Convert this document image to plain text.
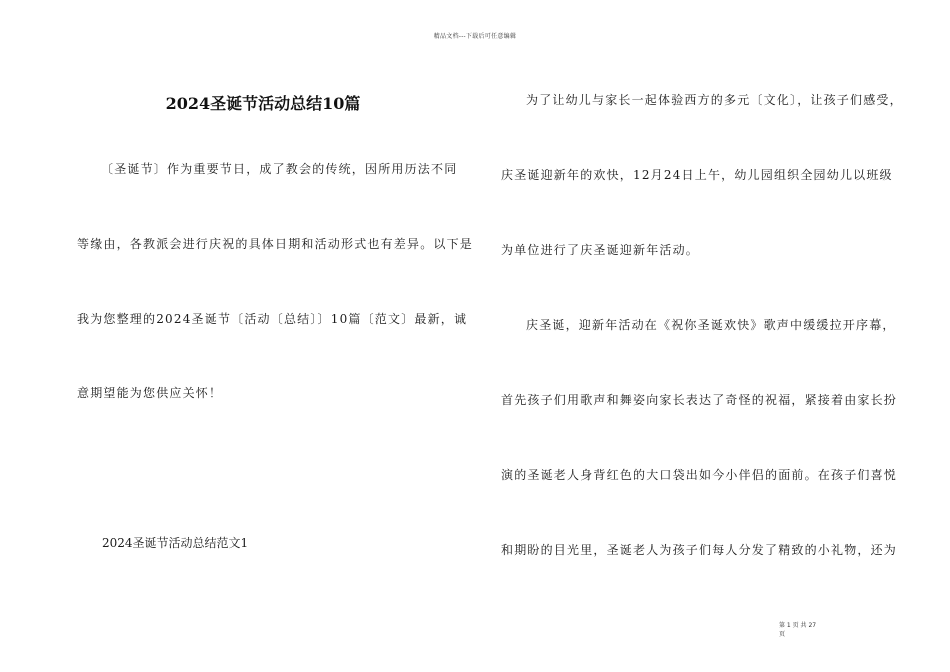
精品文档---下载后可任意编辑
2024圣诞节活动总结10篇
〔圣诞节〕作为重要节日，成了教会的传统，因所用历法不同
等缘由，各教派会进行庆祝的具体日期和活动形式也有差异。以下是
我为您整理的2024圣诞节〔活动〔总结〕〕10篇〔范文〕最新，诚
意期望能为您供应关怀！
2024圣诞节活动总结范文1
为了让幼儿与家长一起体验西方的多元〔文化〕，让孩子们感受，
庆圣诞迎新年的欢快，12月24日上午，幼儿园组织全园幼儿以班级
为单位进行了庆圣诞迎新年活动。
庆圣诞，迎新年活动在《祝你圣诞欢快》歌声中缓缓拉开序幕，
首先孩子们用歌声和舞姿向家长表达了奇怪的祝福，紧接着由家长扮
演的圣诞老人身背红色的大口袋出如今小伴侣的面前。在孩子们喜悦
和期盼的目光里，圣诞老人为孩子们每人分发了精致的小礼物，还为
第 1 页 共 27
页
